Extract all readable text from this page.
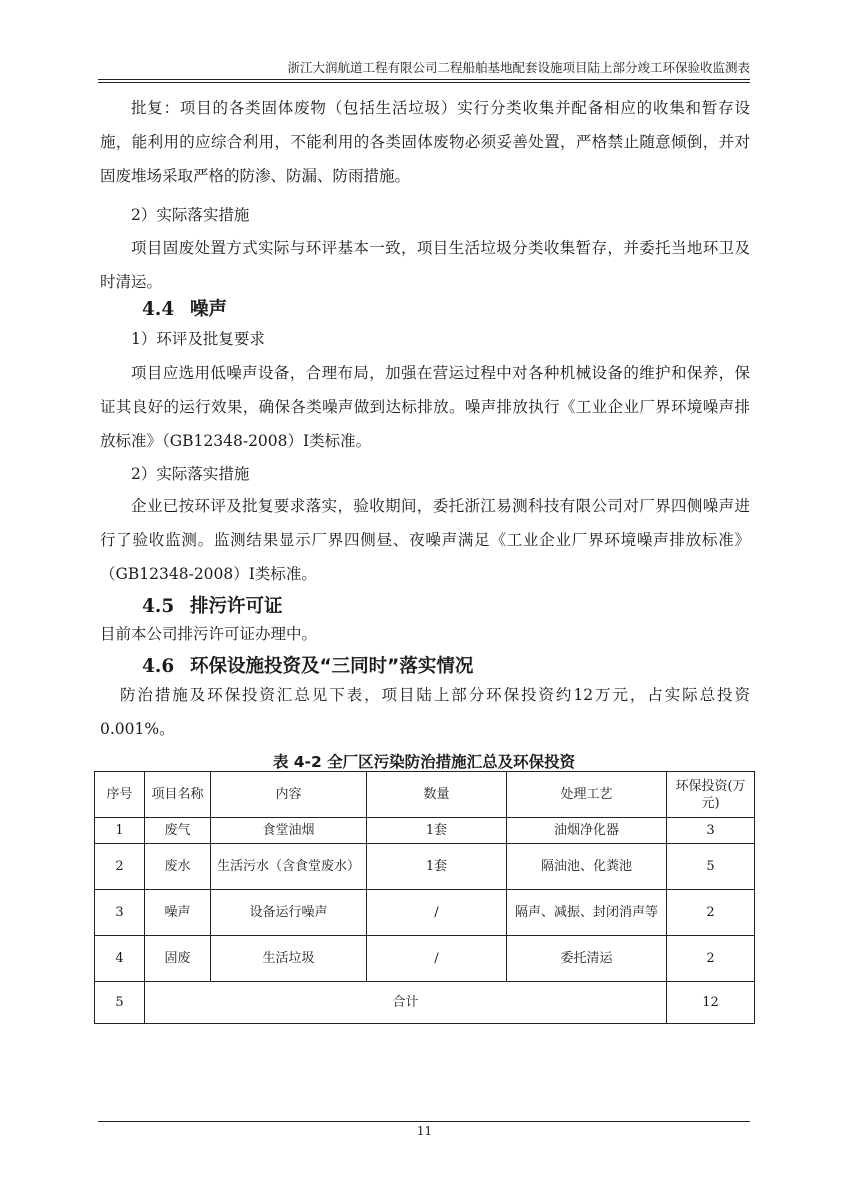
浙江大润航道工程有限公司二程船舶基地配套设施项目陆上部分竣工环保验收监测表

批复：项目的各类固体废物（包括生活垃圾）实行分类收集并配备相应的收集和暂存设施，能利用的应综合利用，不能利用的各类固体废物必须妥善处置，严格禁止随意倾倒，并对固废堆场采取严格的防渗、防漏、防雨措施。

2）实际落实措施

项目固废处置方式实际与环评基本一致，项目生活垃圾分类收集暂存，并委托当地环卫及时清运。

4.4 噪声

1）环评及批复要求

项目应选用低噪声设备，合理布局，加强在营运过程中对各种机械设备的维护和保养，保证其良好的运行效果，确保各类噪声做到达标排放。噪声排放执行《工业企业厂界环境噪声排放标准》（GB12348-2008）Ⅰ类标准。

2）实际落实措施

企业已按环评及批复要求落实，验收期间，委托浙江易测科技有限公司对厂界四侧噪声进行了验收监测。监测结果显示厂界四侧昼、夜噪声满足《工业企业厂界环境噪声排放标准》（GB12348-2008）Ⅰ类标准。

4.5 排污许可证

目前本公司排污许可证办理中。

4.6 环保设施投资及“三同时”落实情况

防治措施及环保投资汇总见下表，项目陆上部分环保投资约12万元，占实际总投资0.001%。

表 4-2 全厂区污染防治措施汇总及环保投资
序号	项目名称	内容	数量	处理工艺	环保投资(万元)
1	废气	食堂油烟	1套	油烟净化器	3
2	废水	生活污水（含食堂废水）	1套	隔油池、化粪池	5
3	噪声	设备运行噪声	/	隔声、减振、封闭消声等	2
4	固废	生活垃圾	/	委托清运	2
5	合计				12
11
